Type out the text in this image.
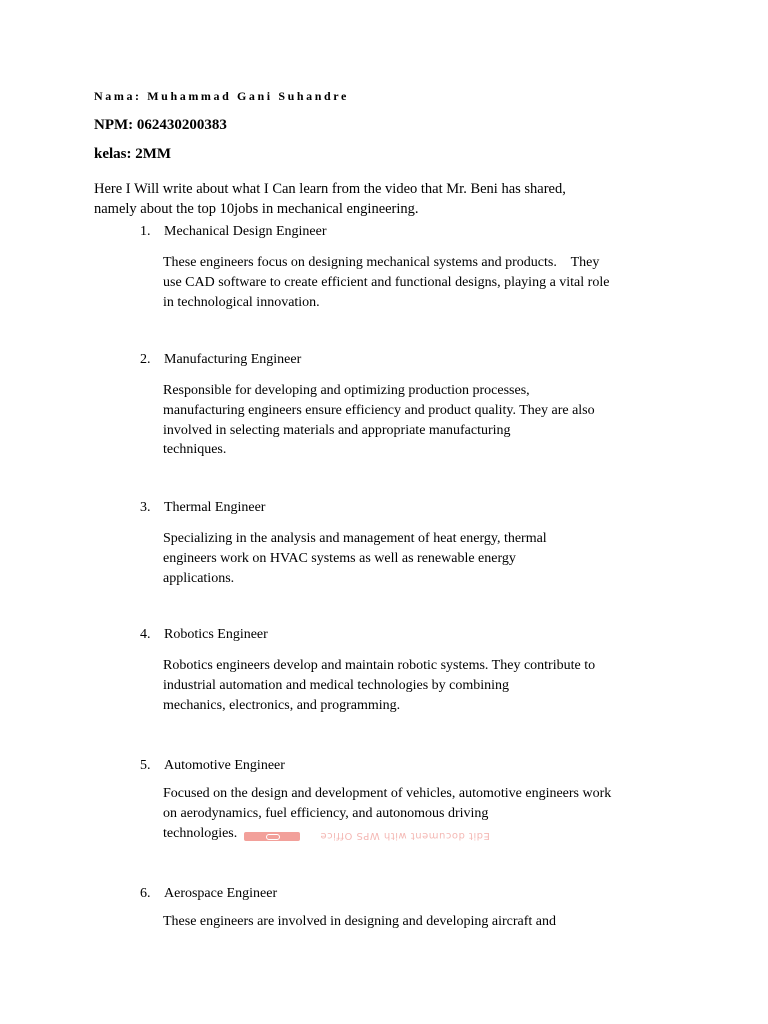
Nama: Muhammad Gani Suhandre
NPM: 062430200383
kelas: 2MM
Here I Will write about what I Can learn from the video that Mr. Beni has shared,
namely about the top 10jobs in mechanical engineering.
1. Mechanical Design Engineer
These engineers focus on designing mechanical systems and products.    They
use CAD software to create efficient and functional designs, playing a vital role
in technological innovation.
2. Manufacturing Engineer
Responsible for developing and optimizing production processes,
manufacturing engineers ensure efficiency and product quality. They are also
involved in selecting materials and appropriate manufacturing
techniques.
3. Thermal Engineer
Specializing in the analysis and management of heat energy, thermal
engineers work on HVAC systems as well as renewable energy
applications.
4. Robotics Engineer
Robotics engineers develop and maintain robotic systems. They contribute to
industrial automation and medical technologies by combining
mechanics, electronics, and programming.
5. Automotive Engineer
Focused on the design and development of vehicles, automotive engineers work
on aerodynamics, fuel efficiency, and autonomous driving
technologies.	Edit document with WPS Office
6. Aerospace Engineer
These engineers are involved in designing and developing aircraft and
